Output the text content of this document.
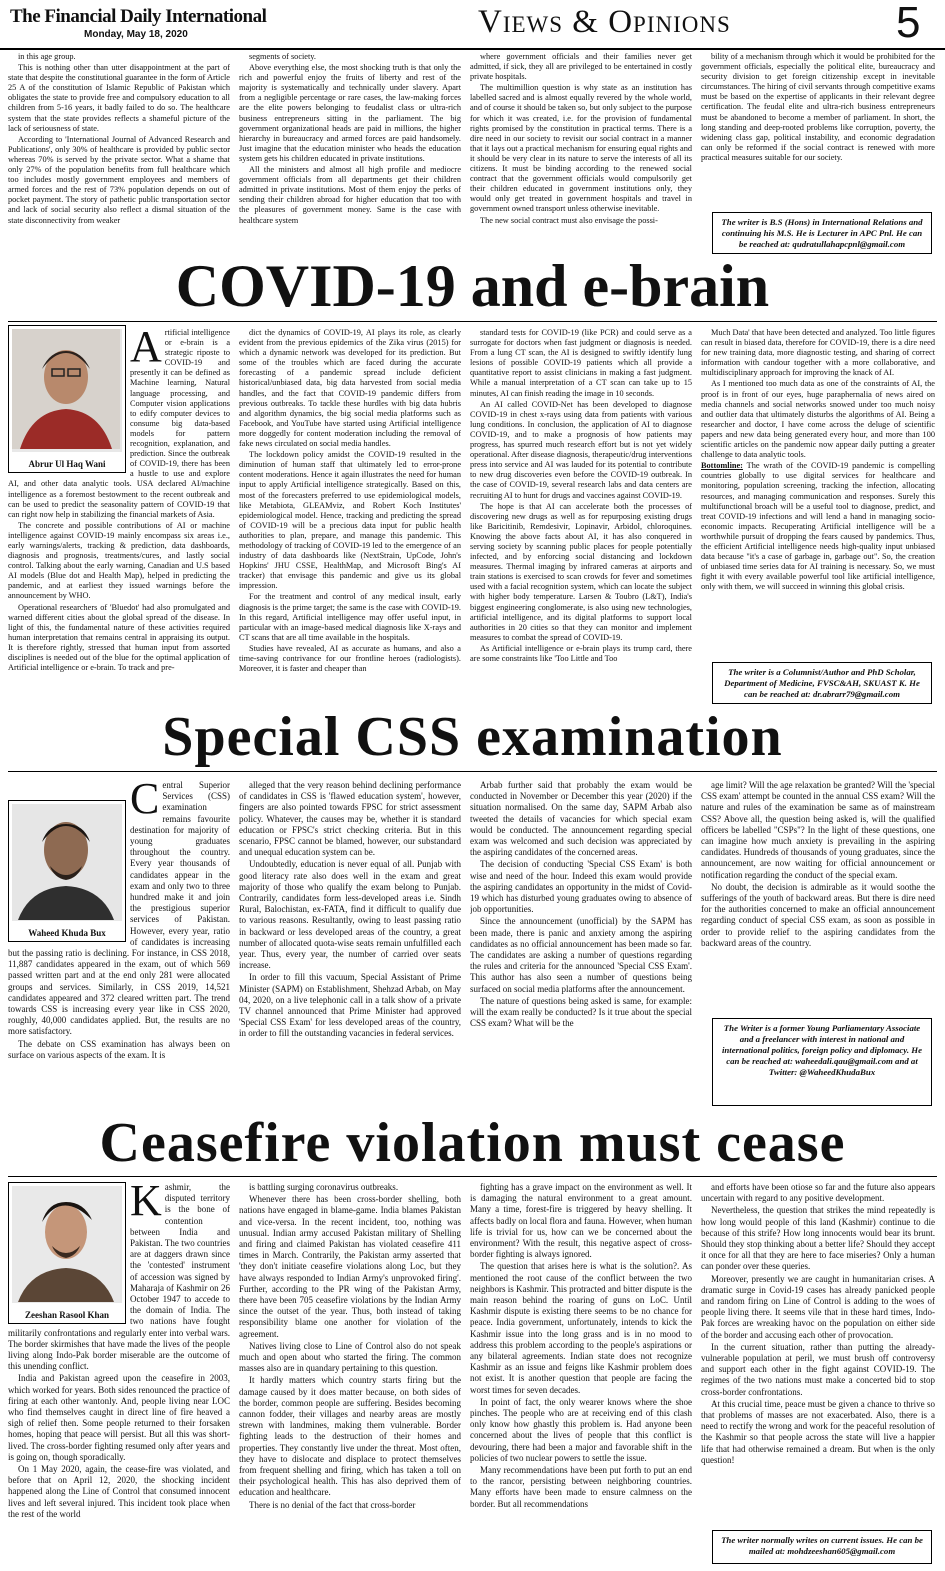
The Financial Daily International
Monday, May 18, 2020	Views & Opinions	5

in this age group.

This is nothing other than utter disappointment at the part of state that despite the constitutional guarantee in the form of Article 25 A of the constitution of Islamic Republic of Pakistan which obligates the state to provide free and compulsory education to all children from 5-16 years, it badly failed to do so. The healthcare system that the state provides reflects a shameful picture of the lack of seriousness of state.

According to 'International Journal of Advanced Research and Publications', only 30% of healthcare is provided by public sector whereas 70% is served by the private sector. What a shame that only 27% of the population benefits from full healthcare which too includes mostly government employees and members of armed forces and the rest of 73% population depends on out of pocket payment. The story of pathetic public transportation sector and lack of social security also reflect a dismal situation of the state disconnectivity from weaker

segments of society.

Above everything else, the most shocking truth is that only the rich and powerful enjoy the fruits of liberty and rest of the majority is systematically and technically under slavery. Apart from a negligible percentage or rare cases, the law-making forces are the elite powers belonging to feudalist class or ultra-rich business entrepreneurs sitting in the parliament. The big government organizational heads are paid in millions, the higher hierarchy in bureaucracy and armed forces are paid handsomely. Just imagine that the education minister who heads the education system gets his children educated in private institutions.

All the ministers and almost all high profile and mediocre government officials from all departments get their children admitted in private institutions. Most of them enjoy the perks of sending their children abroad for higher education that too with the pleasures of government money. Same is the case with healthcare system

where government officials and their families never get admitted, if sick, they all are privileged to be entertained in costly private hospitals.

The multimillion question is why state as an institution has labelled sacred and is almost equally revered by the whole world, and of course it should be taken so, but only subject to the purpose for which it was created, i.e. for the provision of fundamental rights promised by the constitution in practical terms. There is a dire need in our society to revisit our social contract in a manner that it lays out a practical mechanism for ensuring equal rights and it should be very clear in its nature to serve the interests of all its citizens. It must be binding according to the renewed social contract that the government officials would compulsorily get their children educated in government institutions only, they would only get treated in government hospitals and travel in government owned transport unless otherwise inevitable.

The new social contract must also envisage the possi-

bility of a mechanism through which it would be prohibited for the government officials, especially the political elite, bureaucracy and security division to get foreign citizenship except in inevitable circumstances. The hiring of civil servants through competitive exams must be based on the expertise of applicants in their relevant degree certification. The feudal elite and ultra-rich business entrepreneurs must be abandoned to become a member of parliament. In short, the long standing and deep-rooted problems like corruption, poverty, the widening class gap, political instability, and economic degradation can only be reformed if the social contract is renewed with more practical measures suitable for our society.

The writer is B.S (Hons) in International Relations and continuing his M.S. He is Lecturer in APC Pnl. He can be reached at: qudratullahapcpnl@gmail.com
COVID-19 and e-brain
Abrur Ul Haq Wani

Artificial intelligence or e-brain is a strategic riposte to COVID-19 and presently it can be defined as Machine learning, Natural language processing, and Computer vision applications to edify computer devices to consume big data-based models for pattern recognition, explanation, and prediction. Since the outbreak of COVID-19, there has been a hustle to use and explore AI, and other data analytic tools. USA declared AI/machine intelligence as a foremost bestowment to the recent outbreak and can be used to predict the seasonality pattern of COVID-19 that can right now help in stabilizing the financial markets of Asia.

The concrete and possible contributions of AI or machine intelligence against COVID-19 mainly encompass six areas i.e., early warnings/alerts, tracking & prediction, data dashboards, diagnosis and prognosis, treatments/cures, and lastly social control. Talking about the early warning, Canadian and U.S based AI models (Blue dot and Health Map), helped in predicting the pandemic, and at earliest they issued warnings before the announcement by WHO.

Operational researchers of 'Bluedot' had also promulgated and warned different cities about the global spread of the disease. In light of this, the fundamental nature of these activities required human interpretation that remains central in appraising its output. It is therefore rightly, stressed that human input from assorted disciplines is needed out of the blue for the optimal application of Artificial intelligence or e-brain. To track and pre-

dict the dynamics of COVID-19, AI plays its role, as clearly evident from the previous epidemics of the Zika virus (2015) for which a dynamic network was developed for its prediction. But some of the troubles which are faced during the accurate forecasting of a pandemic spread include deficient historical/unbiased data, big data harvested from social media handles, and the fact that COVID-19 pandemic differs from previous outbreaks. To tackle these hurdles with big data hubris and algorithm dynamics, the big social media platforms such as Facebook, and YouTube have started using Artificial intelligence more doggedly for content moderation including the removal of fake news circulated on social media handles.

The lockdown policy amidst the COVID-19 resulted in the diminution of human staff that ultimately led to error-prone content moderations. Hence it again illustrates the need for human input to apply Artificial intelligence strategically. Based on this, most of the forecasters preferred to use epidemiological models, like Metabiota, GLEAMviz, and Robert Koch Institutes' epidemiological model. Hence, tracking and predicting the spread of COVID-19 will be a precious data input for public health authorities to plan, prepare, and manage this pandemic. This methodology of tracking of COVID-19 led to the emergence of an industry of data dashboards like (NextStrain, UpCode, John's Hopkins' JHU CSSE, HealthMap, and Microsoft Bing's AI tracker) that envisage this pandemic and give us its global impression.

For the treatment and control of any medical insult, early diagnosis is the prime target; the same is the case with COVID-19. In this regard, Artificial intelligence may offer useful input, in particular with an image-based medical diagnosis like X-rays and CT scans that are all time available in the hospitals.

Studies have revealed, AI as accurate as humans, and also a time-saving contrivance for our frontline heroes (radiologists). Moreover, it is faster and cheaper than

standard tests for COVID-19 (like PCR) and could serve as a surrogate for doctors when fast judgment or diagnosis is needed. From a lung CT scan, the AI is designed to swiftly identify lung lesions of possible COVID-19 patients which all provide a quantitative report to assist clinicians in making a fast judgment. While a manual interpretation of a CT scan can take up to 15 minutes, AI can finish reading the image in 10 seconds.

An AI called COVID-Net has been developed to diagnose COVID-19 in chest x-rays using data from patients with various lung conditions. In conclusion, the application of AI to diagnose COVID-19, and to make a prognosis of how patients may progress, has spurred much research effort but is not yet widely operational. After disease diagnosis, therapeutic/drug interventions press into service and AI was lauded for its potential to contribute to new drug discoveries even before the COVID-19 outbreak. In the case of COVID-19, several research labs and data centers are recruiting AI to hunt for drugs and vaccines against COVID-19.

The hope is that AI can accelerate both the processes of discovering new drugs as well as for repurposing existing drugs like Baricitinib, Remdesivir, Lopinavir, Arbidol, chloroquines. Knowing the above facts about AI, it has also conquered in serving society by scanning public places for people potentially infected, and by enforcing social distancing and lockdown measures. Thermal imaging by infrared cameras at airports and train stations is exercised to scan crowds for fever and sometimes used with a facial recognition system, which can locate the subject with higher body temperature. Larsen & Toubro (L&T), India's biggest engineering conglomerate, is also using new technologies, artificial intelligence, and its digital platforms to support local authorities in 20 cities so that they can monitor and implement measures to combat the spread of COVID-19.

As Artificial intelligence or e-brain plays its trump card, there are some constraints like 'Too Little and Too

Much Data' that have been detected and analyzed. Too little figures can result in biased data, therefore for COVID-19, there is a dire need for new training data, more diagnostic testing, and sharing of correct information with candour together with a more collaborative, and multidisciplinary approach for improving the knack of AI.

As I mentioned too much data as one of the constraints of AI, the proof is in front of our eyes, huge paraphernalia of news aired on media channels and social networks snowed under too much noisy and outlier data that ultimately disturbs the algorithms of AI. Being a researcher and doctor, I have come across the deluge of scientific papers and new data being generated every hour, and more than 100 scientific articles on the pandemic now appear daily putting a greater challenge to data analytic tools.

Bottomline: The wrath of the COVID-19 pandemic is compelling countries globally to use digital services for healthcare and monitoring, population screening, tracking the infection, allocating resources, and managing communication and responses. Surely this multifunctional broach will be a useful tool to diagnose, predict, and treat COVID-19 infections and will lend a hand in managing socio-economic impacts. Recuperating Artificial intelligence will be a worthwhile pursuit of dropping the fears caused by pandemics. Thus, the efficient Artificial intelligence needs high-quality input unbiased data because "it's a case of garbage in, garbage out". So, the creation of unbiased time series data for AI training is necessary. So, we must fight it with every available powerful tool like artificial intelligence, only with them, we will succeed in winning this global crisis.

The writer is a Columnist/Author and PhD Scholar, Department of Medicine, FVSC&AH, SKUAST K. He can be reached at: dr.abrarr79@gmail.com
Special CSS examination
Waheed Khuda Bux

Central Superior Services (CSS) examination remains favourite destination for majority of young graduates throughout the country. Every year thousands of candidates appear in the exam and only two to three hundred make it and join the prestigious superior services of Pakistan. However, every year, ratio of candidates is increasing but the passing ratio is declining. For instance, in CSS 2018, 11,887 candidates appeared in the exam, out of which 569 passed written part and at the end only 281 were allocated groups and services. Similarly, in CSS 2019, 14,521 candidates appeared and 372 cleared written part. The trend towards CSS is increasing every year like in CSS 2020, roughly, 40,000 candidates applied. But, the results are no more satisfactory.

The debate on CSS examination has always been on surface on various aspects of the exam. It is

alleged that the very reason behind declining performance of candidates in CSS is 'flawed education system', however, fingers are also pointed towards FPSC for strict assessment policy. Whatever, the causes may be, whether it is standard education or FPSC's strict checking criteria. But in this scenario, FPSC cannot be blamed, however, our substandard and unequal education system can be.

Undoubtedly, education is never equal of all. Punjab with good literacy rate also does well in the exam and great majority of those who qualify the exam belong to Punjab. Contrarily, candidates form less-developed areas i.e. Sindh Rural, Balochistan, ex-FATA, find it difficult to qualify due to various reasons. Resultantly, owing to least passing ratio in backward or less developed areas of the country, a great number of allocated quota-wise seats remain unfulfilled each year. Thus, every year, the number of carried over seats increase.

In order to fill this vacuum, Special Assistant of Prime Minister (SAPM) on Establishment, Shehzad Arbab, on May 04, 2020, on a live telephonic call in a talk show of a private TV channel announced that Prime Minister had approved 'Special CSS Exam' for less developed areas of the country, in order to fill the outstanding vacancies in federal services.

Arbab further said that probably the exam would be conducted in November or December this year (2020) if the situation normalised. On the same day, SAPM Arbab also tweeted the details of vacancies for which special exam would be conducted. The announcement regarding special exam was welcomed and such decision was appreciated by the aspiring candidates of the concerned areas.

The decision of conducting 'Special CSS Exam' is both wise and need of the hour. Indeed this exam would provide the aspiring candidates an opportunity in the midst of Covid-19 which has disturbed young graduates owing to absence of job opportunities.

Since the announcement (unofficial) by the SAPM has been made, there is panic and anxiety among the aspiring candidates as no official announcement has been made so far. The candidates are asking a number of questions regarding the rules and criteria for the announced 'Special CSS Exam'. This author has also seen a number of questions being surfaced on social media platforms after the announcement.

The nature of questions being asked is same, for example: will the exam really be conducted? Is it true about the special CSS exam? What will be the

age limit? Will the age relaxation be granted? Will the 'special CSS exam' attempt be counted in the annual CSS exam? Will the nature and rules of the examination be same as of mainstream CSS? Above all, the question being asked is, will the qualified officers be labelled "CSPs"? In the light of these questions, one can imagine how much anxiety is prevailing in the aspiring candidates. Hundreds of thousands of young graduates, since the announcement, are now waiting for official announcement or notification regarding the conduct of the special exam.

No doubt, the decision is admirable as it would soothe the sufferings of the youth of backward areas. But there is dire need for the authorities concerned to make an official announcement regarding conduct of special CSS exam, as soon as possible in order to provide relief to the aspiring candidates from the backward areas of the country.

The Writer is a former Young Parliamentary Associate and a freelancer with interest in national and international politics, foreign policy and diplomacy. He can be reached at: waheedali.qau@gmail.com and at Twitter: @WaheedKhudaBux
Ceasefire violation must cease
Zeeshan Rasool Khan

Kashmir, the disputed territory is the bone of contention between India and Pakistan. The two countries are at daggers drawn since the 'contested' instrument of accession was signed by Maharaja of Kashmir on 26 October 1947 to accede to the domain of India. The two nations have fought militarily confrontations and regularly enter into verbal wars. The border skirmishes that have made the lives of the people living along Indo-Pak border miserable are the outcome of this unending conflict.

India and Pakistan agreed upon the ceasefire in 2003, which worked for years. Both sides renounced the practice of firing at each other wantonly. And, people living near LOC who find themselves caught in direct line of fire heaved a sigh of relief then. Some people returned to their forsaken homes, hoping that peace will persist. But all this was short-lived. The cross-border fighting resumed only after years and is going on, though sporadically.

On 1 May 2020, again, the cease-fire was violated, and before that on April 12, 2020, the shocking incident happened along the Line of Control that consumed innocent lives and left several injured. This incident took place when the rest of the world

is battling surging coronavirus outbreaks.

Whenever there has been cross-border shelling, both nations have engaged in blame-game. India blames Pakistan and vice-versa. In the recent incident, too, nothing was unusual. Indian army accused Pakistan military of Shelling and firing and claimed Pakistan has violated ceasefire 411 times in March. Contrarily, the Pakistan army asserted that 'they don't initiate ceasefire violations along Loc, but they have always responded to Indian Army's unprovoked firing'. Further, according to the PR wing of the Pakistan Army, there have been 705 ceasefire violations by the Indian Army since the outset of the year. Thus, both instead of taking responsibility blame one another for violation of the agreement.

Natives living close to Line of Control also do not speak much and open about who started the firing. The common masses also are in quandary pertaining to this question.

It hardly matters which country starts firing but the damage caused by it does matter because, on both sides of the border, common people are suffering. Besides becoming cannon fodder, their villages and nearby areas are mostly strewn with landmines, making them vulnerable. Border fighting leads to the destruction of their homes and properties. They constantly live under the threat. Most often, they have to dislocate and displace to protect themselves from frequent shelling and firing, which has taken a toll on their psychological health. This has also deprived them of education and healthcare.

There is no denial of the fact that cross-border

fighting has a grave impact on the environment as well. It is damaging the natural environment to a great amount. Many a time, forest-fire is triggered by heavy shelling. It affects badly on local flora and fauna. However, when human life is trivial for us, how can we be concerned about the environment? With the result, this negative aspect of cross-border fighting is always ignored.

The question that arises here is what is the solution?. As mentioned the root cause of the conflict between the two neighbors is Kashmir. This protracted and bitter dispute is the main reason behind the roaring of guns on LoC. Until Kashmir dispute is existing there seems to be no chance for peace. India government, unfortunately, intends to kick the Kashmir issue into the long grass and is in no mood to address this problem according to the people's aspirations or any bilateral agreements. Indian state does not recognize Kashmir as an issue and feigns like Kashmir problem does not exist. It is another question that people are facing the worst times for seven decades.

In point of fact, the only wearer knows where the shoe pinches. The people who are at receiving end of this clash only know how ghastly this problem is. Had anyone been concerned about the lives of people that this conflict is devouring, there had been a major and favorable shift in the policies of two nuclear powers to settle the issue.

Many recommendations have been put forth to put an end to the rancor, persisting between neighboring countries. Many efforts have been made to ensure calmness on the border. But all recommendations

and efforts have been otiose so far and the future also appears uncertain with regard to any positive development.

Nevertheless, the question that strikes the mind repeatedly is how long would people of this land (Kashmir) continue to die because of this strife? How long innocents would bear its brunt. Should they stop thinking about a better life? Should they accept it once for all that they are here to face miseries? Only a human can ponder over these queries.

Moreover, presently we are caught in humanitarian crises. A dramatic surge in Covid-19 cases has already panicked people and random firing on Line of Control is adding to the woes of people living there. It seems vile that in these hard times, Indo-Pak forces are wreaking havoc on the population on either side of the border and accusing each other of provocation.

In the current situation, rather than putting the already-vulnerable population at peril, we must brush off controversy and support each other in the fight against COVID-19. The regimes of the two nations must make a concerted bid to stop cross-border confrontations.

At this crucial time, peace must be given a chance to thrive so that problems of masses are not exacerbated. Also, there is a need to rectify the wrong and work for the peaceful resolution of the Kashmir so that people across the state will live a happier life that had otherwise remained a dream. But when is the only question!

The writer normally writes on current issues. He can be mailed at: mohdzeeshan605@gmail.com
